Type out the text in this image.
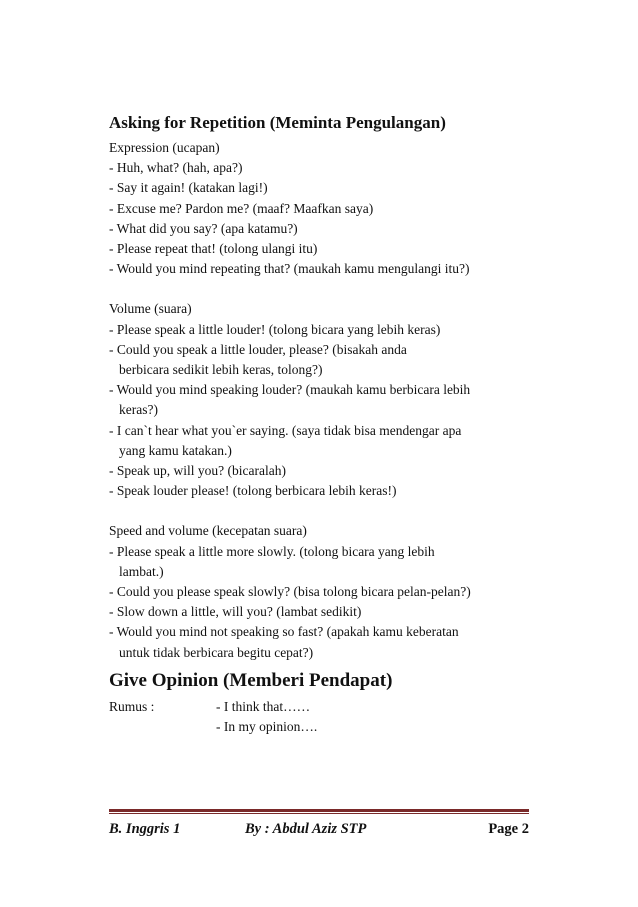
Asking for Repetition (Meminta Pengulangan)
Expression (ucapan)
- Huh, what? (hah, apa?)
- Say it again! (katakan lagi!)
- Excuse me? Pardon me? (maaf? Maafkan saya)
- What did you say? (apa katamu?)
- Please repeat that! (tolong ulangi itu)
- Would you mind repeating that? (maukah kamu mengulangi itu?)
Volume (suara)
- Please speak a little louder! (tolong bicara yang lebih keras)
- Could you speak a little louder, please? (bisakah anda
berbicara sedikit lebih keras, tolong?)
- Would you mind speaking louder? (maukah kamu berbicara lebih
keras?)
- I can`t hear what you`er saying. (saya tidak bisa mendengar apa
yang kamu katakan.)
- Speak up, will you? (bicaralah)
- Speak louder please! (tolong berbicara lebih keras!)
Speed and volume (kecepatan suara)
- Please speak a little more slowly. (tolong bicara yang lebih
lambat.)
- Could you please speak slowly? (bisa tolong bicara pelan-pelan?)
- Slow down a little, will you? (lambat sedikit)
- Would you mind not speaking so fast? (apakah kamu keberatan
untuk tidak berbicara begitu cepat?)
Give Opinion (Memberi Pendapat)
Rumus :	- I think that……
- In my opinion….
B. Inggris 1	By : Abdul Aziz STP	Page 2
